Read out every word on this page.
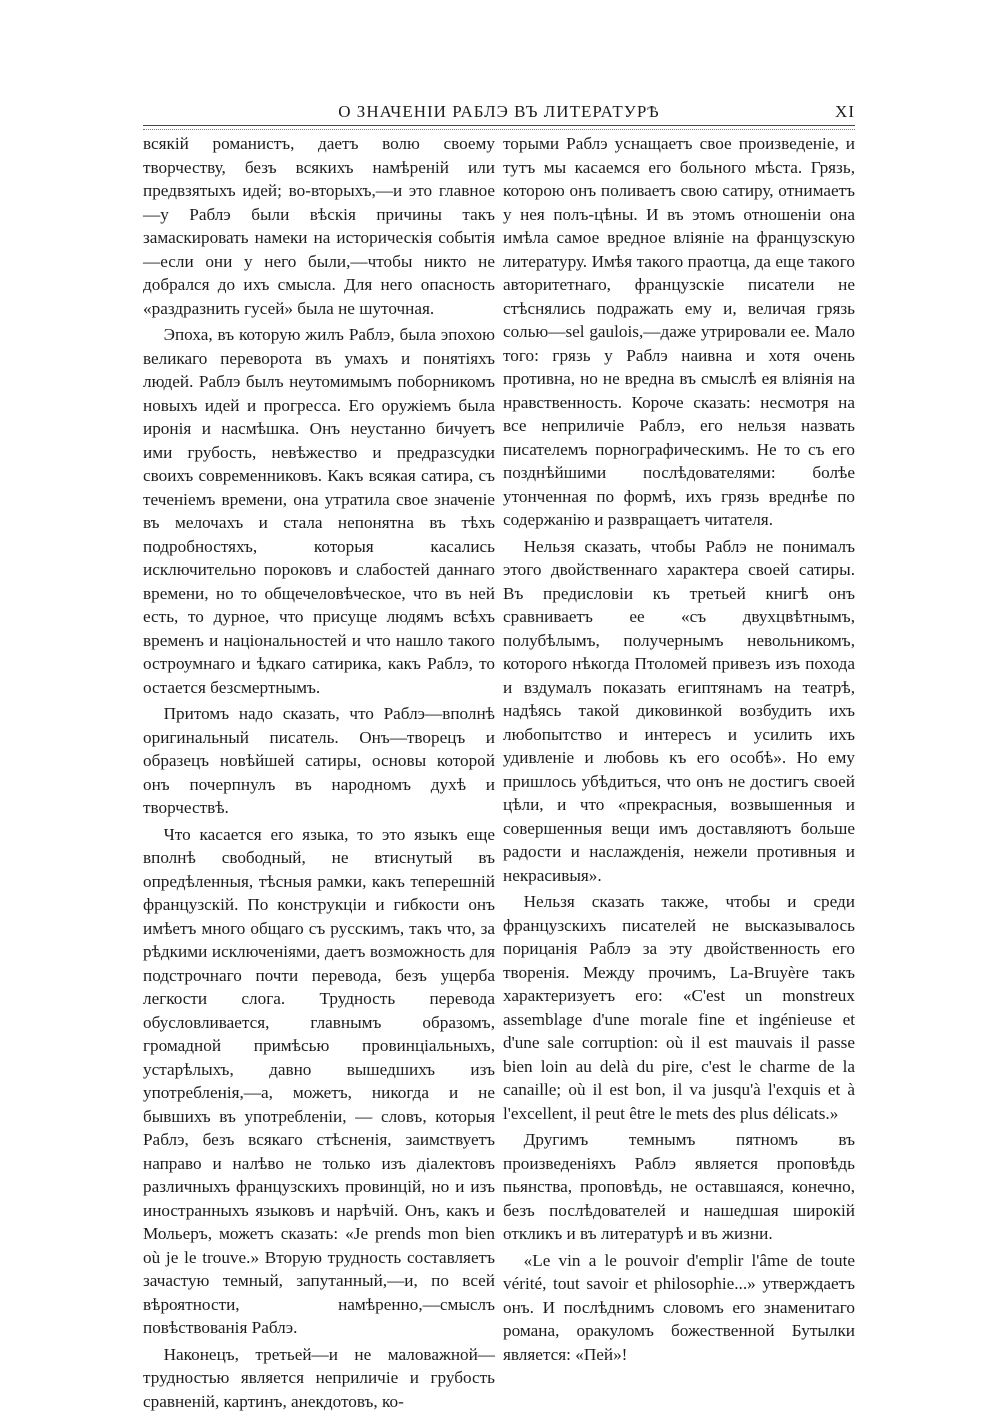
О ЗНАЧЕНІИ РАБЛЭ ВЪ ЛИТЕРАТУРѢ	XI

всякій романистъ, даетъ волю своему творчеству, безъ всякихъ намѣреній или предвзятыхъ идей; во-вторыхъ,—и это главное—у Раблэ были вѣскія причины такъ замаскировать намеки на историческія событія—если они у него были,—чтобы никто не добрался до ихъ смысла. Для него опасность «раздразнить гусей» была не шуточная.

Эпоха, въ которую жилъ Раблэ, была эпохою великаго переворота въ умахъ и понятіяхъ людей. Раблэ былъ неутомимымъ поборникомъ новыхъ идей и прогресса. Его оружіемъ была иронія и насмѣшка. Онъ неустанно бичуетъ ими грубость, невѣжество и предразсудки своихъ современниковъ. Какъ всякая сатира, съ теченіемъ времени, она утратила свое значеніе въ мелочахъ и стала непонятна въ тѣхъ подробностяхъ, которыя касались исключительно пороковъ и слабостей даннаго времени, но то общечеловѣческое, что въ ней есть, то дурное, что присуще людямъ всѣхъ временъ и національностей и что нашло такого остроумнаго и ѣдкаго сатирика, какъ Раблэ, то остается безсмертнымъ.

Притомъ надо сказать, что Раблэ—вполнѣ оригинальный писатель. Онъ—творецъ и образецъ новѣйшей сатиры, основы которой онъ почерпнулъ въ народномъ духѣ и творчествѣ.

Что касается его языка, то это языкъ еще вполнѣ свободный, не втиснутый въ опредѣленныя, тѣсныя рамки, какъ теперешній французскій. По конструкціи и гибкости онъ имѣетъ много общаго съ русскимъ, такъ что, за рѣдкими исключеніями, даетъ возможность для подстрочнаго почти перевода, безъ ущерба легкости слога. Трудность перевода обусловливается, главнымъ образомъ, громадной примѣсью провинціальныхъ, устарѣлыхъ, давно вышедшихъ изъ употребленія,—а, можетъ, никогда и не бывшихъ въ употребленіи, — словъ, которыя Раблэ, безъ всякаго стѣсненія, заимствуетъ направо и налѣво не только изъ діалектовъ различныхъ французскихъ провинцій, но и изъ иностранныхъ языковъ и нарѣчій. Онъ, какъ и Мольеръ, можетъ сказать: «Je prends mon bien où je le trouve.» Вторую трудность составляетъ зачастую темный, запутанный,—и, по всей вѣроятности, намѣренно,—смыслъ повѣствованія Раблэ.

Наконецъ, третьей—и не маловажной—трудностью является неприличіе и грубость сравненій, картинъ, анекдотовъ, ко-

торыми Раблэ уснащаетъ свое произведеніе, и тутъ мы касаемся его больного мѣста. Грязь, которою онъ поливаетъ свою сатиру, отнимаетъ у нея полъ-цѣны. И въ этомъ отношеніи она имѣла самое вредное вліяніе на французскую литературу. Имѣя такого праотца, да еще такого авторитетнаго, французскіе писатели не стѣснялись подражать ему и, величая грязь солью—sel gaulois,—даже утрировали ее. Мало того: грязь у Раблэ наивна и хотя очень противна, но не вредна въ смыслѣ ея вліянія на нравственность. Короче сказать: несмотря на все неприличіе Раблэ, его нельзя назвать писателемъ порнографическимъ. Не то съ его позднѣйшими послѣдователями: болѣе утонченная по формѣ, ихъ грязь вреднѣе по содержанію и развращаетъ читателя.

Нельзя сказать, чтобы Раблэ не понималъ этого двойственнаго характера своей сатиры. Въ предисловіи къ третьей книгѣ онъ сравниваетъ ее «съ двухцвѣтнымъ, полубѣлымъ, получернымъ невольникомъ, которого нѣкогда Птоломей привезъ изъ похода и вздумалъ показать египтянамъ на театрѣ, надѣясь такой диковинкой возбудить ихъ любопытство и интересъ и усилить ихъ удивленіе и любовь къ его особѣ». Но ему пришлось убѣдиться, что онъ не достигъ своей цѣли, и что «прекрасныя, возвышенныя и совершенныя вещи имъ доставляютъ больше радости и наслажденія, нежели противныя и некрасивыя».

Нельзя сказать также, чтобы и среди французскихъ писателей не высказывалось порицанія Раблэ за эту двойственность его творенія. Между прочимъ, La-Bruyère такъ характеризуетъ его: «C'est un monstreux assemblage d'une morale fine et ingénieuse et d'une sale corruption: où il est mauvais il passe bien loin au delà du pire, c'est le charme de la canaille; où il est bon, il va jusqu'à l'exquis et à l'excellent, il peut être le mets des plus délicats.»

Другимъ темнымъ пятномъ въ произведеніяхъ Раблэ является проповѣдь пьянства, проповѣдь, не оставшаяся, конечно, безъ послѣдователей и нашедшая широкій откликъ и въ литературѣ и въ жизни.

«Le vin a le pouvoir d'emplir l'âme de toute vérité, tout savoir et philosophie...» утверждаетъ онъ. И послѣднимъ словомъ его знаменитаго романа, оракуломъ божественной Бутылки является: «Пей»!
